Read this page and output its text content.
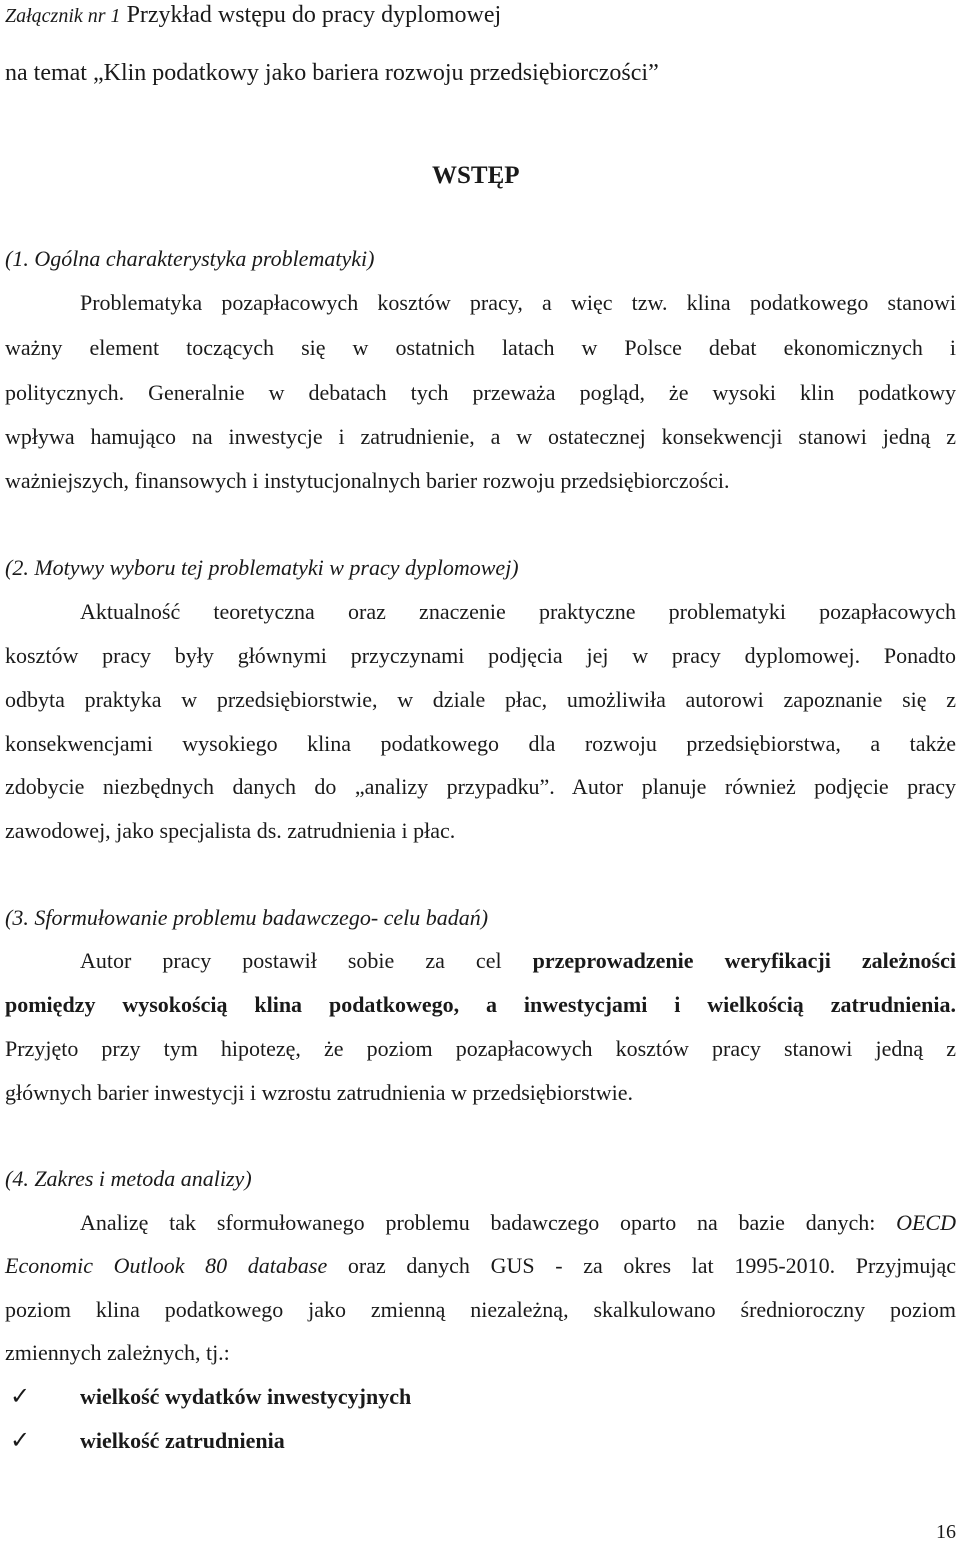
Załącznik nr 1 Przykład wstępu do pracy dyplomowej
na temat „Klin podatkowy jako bariera rozwoju przedsiębiorczości”
WSTĘP
(1. Ogólna charakterystyka problematyki)
Problematyka pozapłacowych kosztów pracy, a więc tzw. klina podatkowego stanowi
ważny element toczących się w ostatnich latach w Polsce debat ekonomicznych i
politycznych. Generalnie w debatach tych przeważa pogląd, że wysoki klin podatkowy
wpływa hamująco na inwestycje i zatrudnienie, a w ostatecznej konsekwencji stanowi jedną z
ważniejszych, finansowych i instytucjonalnych barier rozwoju przedsiębiorczości.
(2. Motywy wyboru tej problematyki w pracy dyplomowej)
Aktualność teoretyczna oraz znaczenie praktyczne problematyki pozapłacowych
kosztów pracy były głównymi przyczynami podjęcia jej w pracy dyplomowej. Ponadto
odbyta praktyka w przedsiębiorstwie, w dziale płac, umożliwiła autorowi zapoznanie się z
konsekwencjami wysokiego klina podatkowego dla rozwoju przedsiębiorstwa, a także
zdobycie niezbędnych danych do „analizy przypadku”. Autor planuje również podjęcie pracy
zawodowej, jako specjalista ds. zatrudnienia i płac.
(3. Sformułowanie problemu badawczego- celu badań)
Autor pracy postawił sobie za cel przeprowadzenie weryfikacji zależności
pomiędzy wysokością klina podatkowego, a inwestycjami i wielkością zatrudnienia.
Przyjęto przy tym hipotezę, że poziom pozapłacowych kosztów pracy stanowi jedną z
głównych barier inwestycji i wzrostu zatrudnienia w przedsiębiorstwie.
(4. Zakres i metoda analizy)
Analizę tak sformułowanego problemu badawczego oparto na bazie danych: OECD
Economic Outlook 80 database oraz danych GUS - za okres lat 1995-2010. Przyjmując
poziom klina podatkowego jako zmienną niezależną, skalkulowano średnioroczny poziom
zmiennych zależnych, tj.:
✓ wielkość wydatków inwestycyjnych
✓ wielkość zatrudnienia
16
